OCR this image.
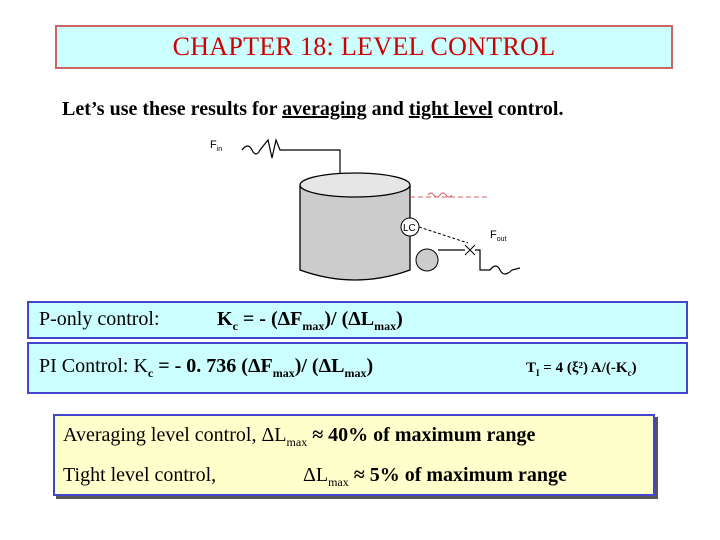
CHAPTER 18: LEVEL CONTROL
Let’s use these results for averaging and tight level control.
$F_{in}$
LC
$F_{out}$
P-only control:	$K_c$ = - $(\Delta F_{max})/$ $(\Delta L_{max})$
PI Control: $K_c$ = - 0. 736 $(\Delta F_{max})/$ $(\Delta L_{max})$	$T_I = 4$ (ξ²) $A/(-K_c)$
Averaging level control, $\Delta L_{max} \approx 40\%$ of maximum range
Tight level control,	$\Delta L_{max} \approx 5\%$ of maximum range
